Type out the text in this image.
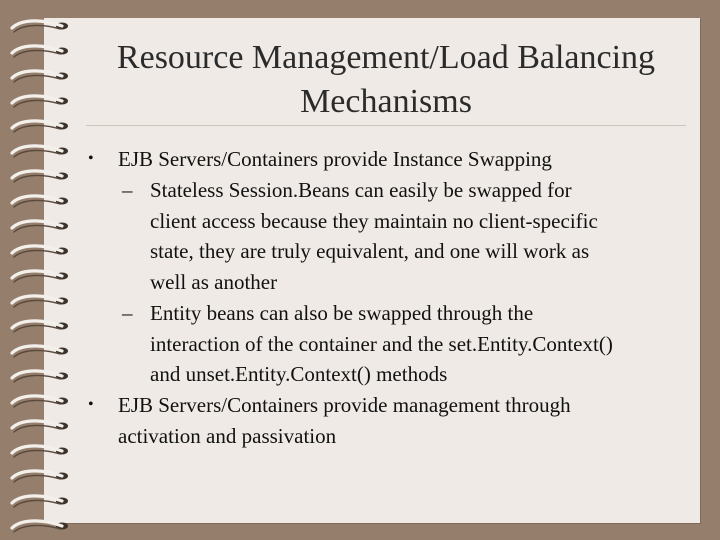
Resource Management/Load Balancing
Mechanisms
• EJB Servers/Containers provide Instance Swapping
– Stateless Session.Beans can easily be swapped for
client access because they maintain no client-specific
state, they are truly equivalent, and one will work as
well as another
– Entity beans can also be swapped through the
interaction of the container and the set.Entity.Context()
and unset.Entity.Context() methods
• EJB Servers/Containers provide management through
activation and passivation
